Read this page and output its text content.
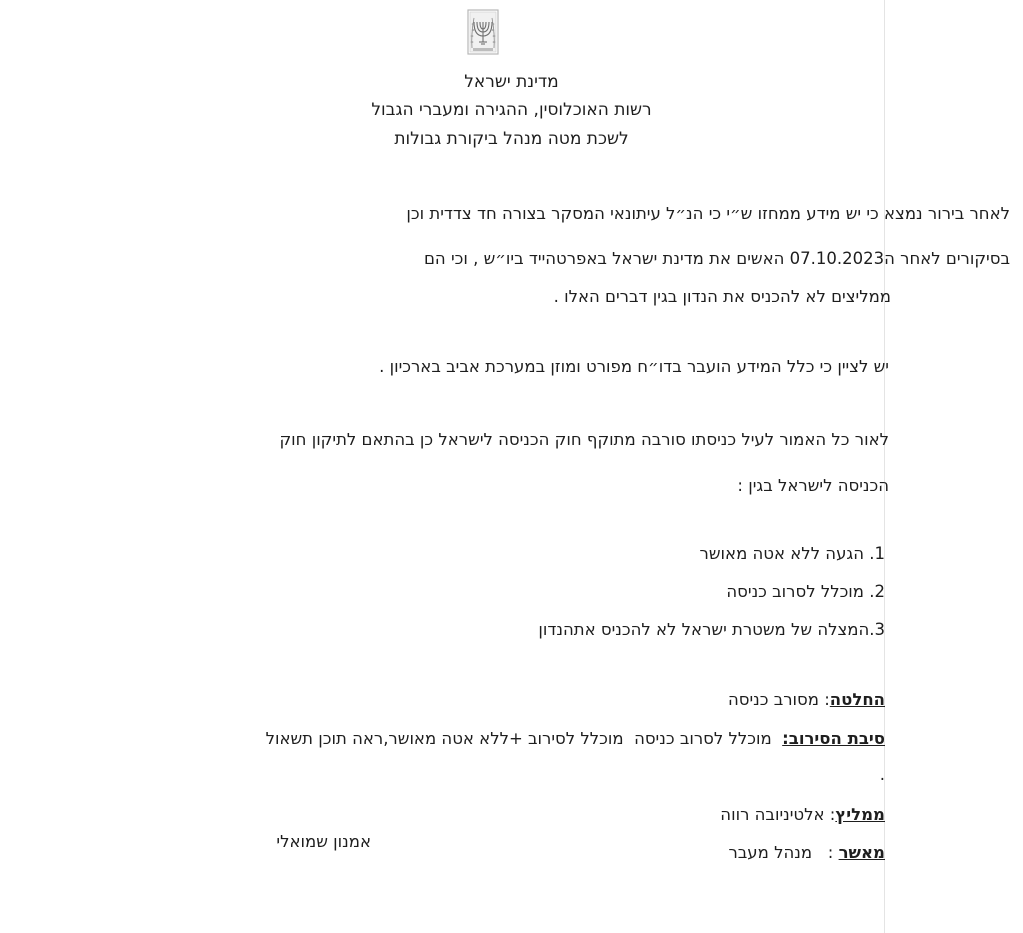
מדינת ישראל
רשות האוכלוסין, ההגירה ומעברי הגבול
לשכת מטה מנהל ביקורת גבולות
לאחר בירור נמצא כי יש מידע ממחזו ש״י כי הנ״ל עיתונאי המסקר בצורה חד צדדית וכן
בסיקורים לאחר ה07.10.2023 האשים את מדינת ישראל באפרטהייד ביו״ש , וכי הם
ממליצים לא להכניס את הנדון בגין דברים האלו .
יש לציין כי כלל המידע הועבר בדו״ח מפורט ומוזן במערכת אביב בארכיון .
לאור כל האמור לעיל כניסתו סורבה מתוקף חוק הכניסה לישראל כן בהתאם לתיקון חוק
הכניסה לישראל בגין :
1. הגעה ללא אטה מאושר
2. מוכלל לסרוב כניסה
3.המצלה של משטרת ישראל לא להכניס אתהנדון
החלטה: מסורב כניסה
סיבת הסירוב:  מוכלל לסרוב כניסה  מוכלל לסירוב +ללא אטה מאושר,ראה תוכן תשאול
.
ממליץ: אלטיניובה רווה
מאשר :   מנהל מעבר
אמנון שמואלי
